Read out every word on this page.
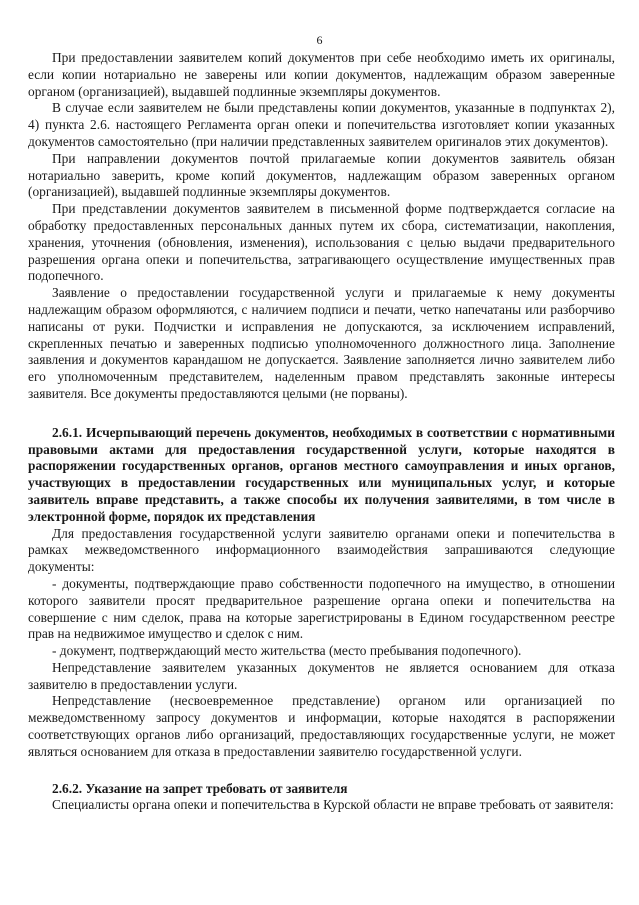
6

При предоставлении заявителем копий документов при себе необходимо иметь их оригиналы, если копии нотариально не заверены или копии документов, надлежащим образом заверенные органом (организацией), выдавшей подлинные экземпляры документов.

В случае если заявителем не были представлены копии документов, указанные в подпунктах 2), 4) пункта 2.6. настоящего Регламента орган опеки и попечительства изготовляет копии указанных документов самостоятельно (при наличии представленных заявителем оригиналов этих документов).

При направлении документов почтой прилагаемые копии документов заявитель обязан нотариально заверить, кроме копий документов, надлежащим образом заверенных органом (организацией), выдавшей подлинные экземпляры документов.

При представлении документов заявителем в письменной форме подтверждается согласие на обработку предоставленных персональных данных путем их сбора, систематизации, накопления, хранения, уточнения (обновления, изменения), использования с целью выдачи предварительного разрешения органа опеки и попечительства, затрагивающего осуществление имущественных прав подопечного.

Заявление о предоставлении государственной услуги и прилагаемые к нему документы надлежащим образом оформляются, с наличием подписи и печати, четко напечатаны или разборчиво написаны от руки. Подчистки и исправления не допускаются, за исключением исправлений, скрепленных печатью и заверенных подписью уполномоченного должностного лица. Заполнение заявления и документов карандашом не допускается. Заявление заполняется лично заявителем либо его уполномоченным представителем, наделенным правом представлять законные интересы заявителя. Все документы предоставляются целыми (не порваны).

2.6.1. Исчерпывающий перечень документов, необходимых в соответствии с нормативными правовыми актами для предоставления государственной услуги, которые находятся в распоряжении государственных органов, органов местного самоуправления и иных органов, участвующих в предоставлении государственных или муниципальных услуг, и которые заявитель вправе представить, а также способы их получения заявителями, в том числе в электронной форме, порядок их представления

Для предоставления государственной услуги заявителю органами опеки и попечительства в рамках межведомственного информационного взаимодействия запрашиваются следующие документы:

- документы, подтверждающие право собственности подопечного на имущество, в отношении которого заявители просят предварительное разрешение органа опеки и попечительства на совершение с ним сделок, права на которые зарегистрированы в Едином государственном реестре прав на недвижимое имущество и сделок с ним.

- документ, подтверждающий место жительства (место пребывания подопечного).

Непредставление заявителем указанных документов не является основанием для отказа заявителю в предоставлении услуги.

Непредставление (несвоевременное представление) органом или организацией по межведомственному запросу документов и информации, которые находятся в распоряжении соответствующих органов либо организаций, предоставляющих государственные услуги, не может являться основанием для отказа в предоставлении заявителю государственной услуги.

2.6.2. Указание на запрет требовать от заявителя

Специалисты органа опеки и попечительства в Курской области не вправе требовать от заявителя:
